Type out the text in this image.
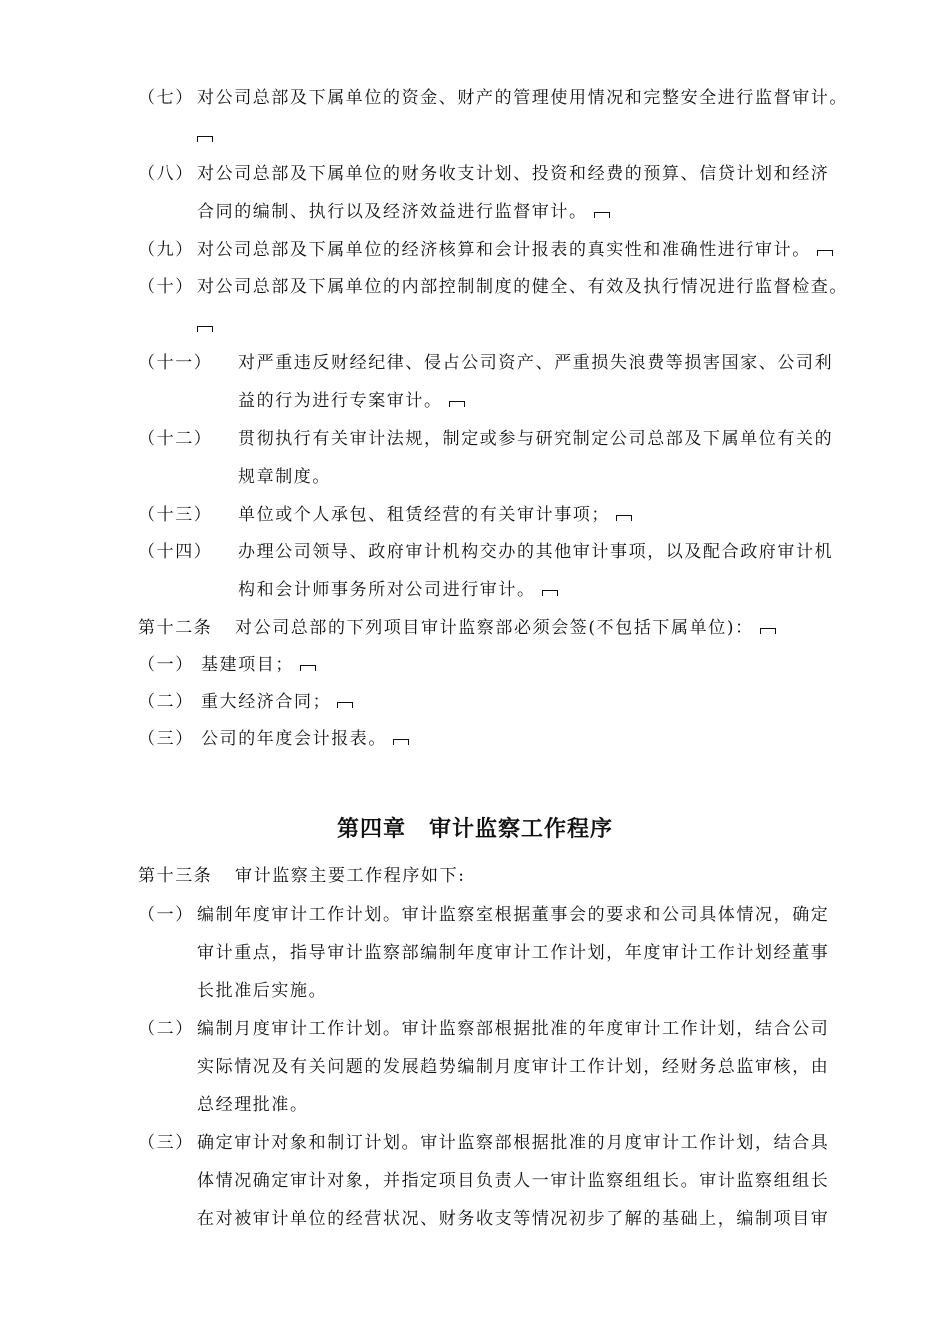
（七） 对公司总部及下属单位的资金、财产的管理使用情况和完整安全进行监督审计。
（八） 对公司总部及下属单位的财务收支计划、投资和经费的预算、信贷计划和经济
合同的编制、执行以及经济效益进行监督审计。
（九） 对公司总部及下属单位的经济核算和会计报表的真实性和准确性进行审计。
（十） 对公司总部及下属单位的内部控制制度的健全、有效及执行情况进行监督检查。
（十一） 对严重违反财经纪律、侵占公司资产、严重损失浪费等损害国家、公司利
益的行为进行专案审计。
（十二） 贯彻执行有关审计法规，制定或参与研究制定公司总部及下属单位有关的
规章制度。
（十三） 单位或个人承包、租赁经营的有关审计事项；
（十四） 办理公司领导、政府审计机构交办的其他审计事项，以及配合政府审计机
构和会计师事务所对公司进行审计。
第十二条 对公司总部的下列项目审计监察部必须会签(不包括下属单位)：
（一） 基建项目；
（二） 重大经济合同；
（三） 公司的年度会计报表。
第四章　审计监察工作程序
第十三条 审计监察主要工作程序如下:
（一） 编制年度审计工作计划。审计监察室根据董事会的要求和公司具体情况，确定
审计重点，指导审计监察部编制年度审计工作计划，年度审计工作计划经董事
长批准后实施。
（二） 编制月度审计工作计划。审计监察部根据批准的年度审计工作计划，结合公司
实际情况及有关问题的发展趋势编制月度审计工作计划，经财务总监审核，由
总经理批准。
（三） 确定审计对象和制订计划。审计监察部根据批准的月度审计工作计划，结合具
体情况确定审计对象，并指定项目负责人一审计监察组组长。审计监察组组长
在对被审计单位的经营状况、财务收支等情况初步了解的基础上，编制项目审
